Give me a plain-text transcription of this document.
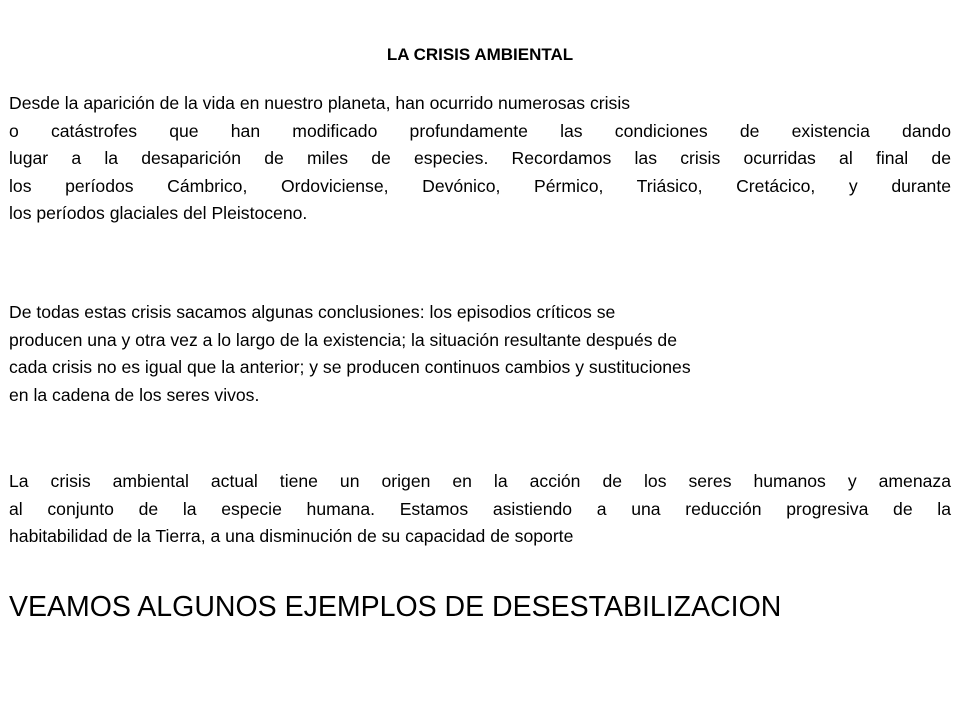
LA CRISIS AMBIENTAL

Desde la aparición de la vida en nuestro planeta, han ocurrido numerosas crisis
o catástrofes que han modificado profundamente las condiciones de existencia dando
lugar a la desaparición de miles de especies. Recordamos las crisis ocurridas al final de
los períodos Cámbrico, Ordoviciense, Devónico, Pérmico, Triásico, Cretácico, y durante
los períodos glaciales del Pleistoceno.

De todas estas crisis sacamos algunas conclusiones: los episodios críticos se
producen una y otra vez a lo largo de la existencia; la situación resultante después de
cada crisis no es igual que la anterior; y se producen continuos cambios y sustituciones
en la cadena de los seres vivos.

La crisis ambiental actual tiene un origen en la acción de los seres humanos y amenaza
al conjunto de la especie humana. Estamos asistiendo a una reducción progresiva de la
habitabilidad de la Tierra, a una disminución de su capacidad de soporte

VEAMOS ALGUNOS EJEMPLOS DE DESESTABILIZACION
